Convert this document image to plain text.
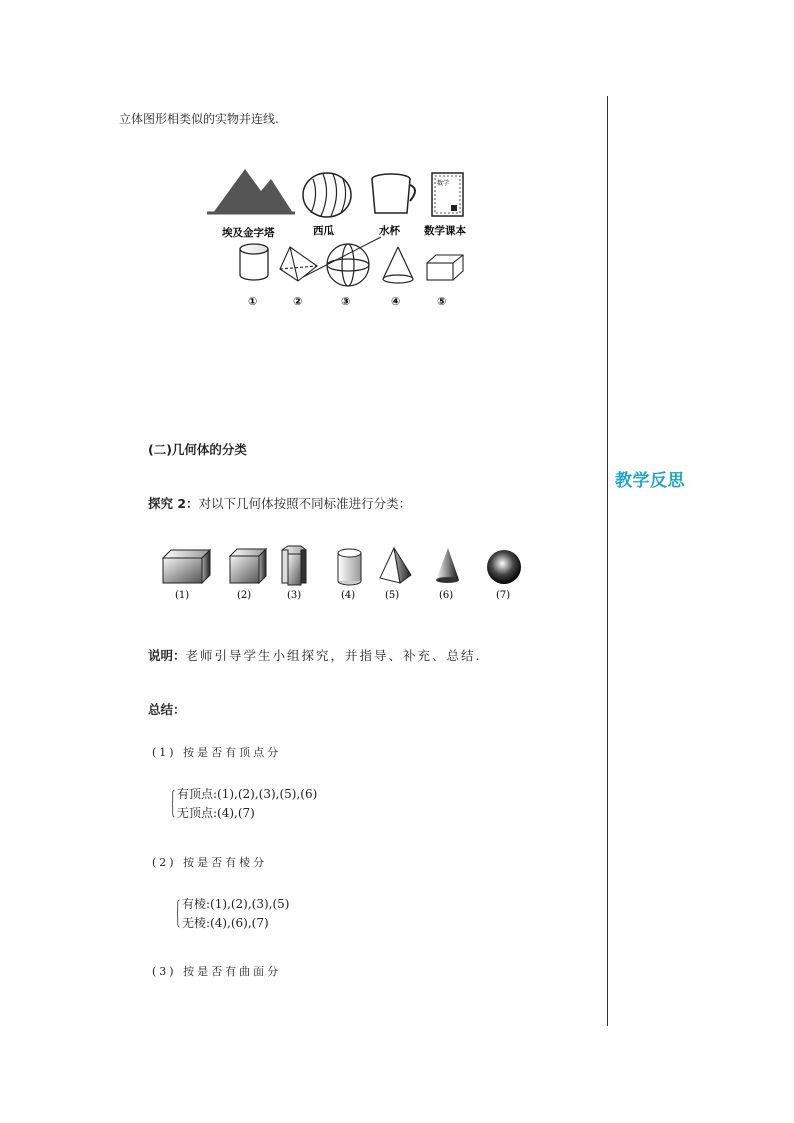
立体图形相类似的实物并连线.
数学
埃及金字塔	西瓜	水杯 数学课本
①	②	③	④	⑤
(二)几何体的分类
探究 2：对以下几何体按照不同标准进行分类：
(1)	(2)	(3)	(4)	(5)	(6)	(7)
说明：老师引导学生小组探究，并指导、补充、总结.
总结：
(1) 按是否有顶点分
有顶点:(1),(2),(3),(5),(6)
无顶点:(4),(7)
(2) 按是否有棱分
有棱:(1),(2),(3),(5)
无棱:(4),(6),(7)
(3) 按是否有曲面分
教学反思
